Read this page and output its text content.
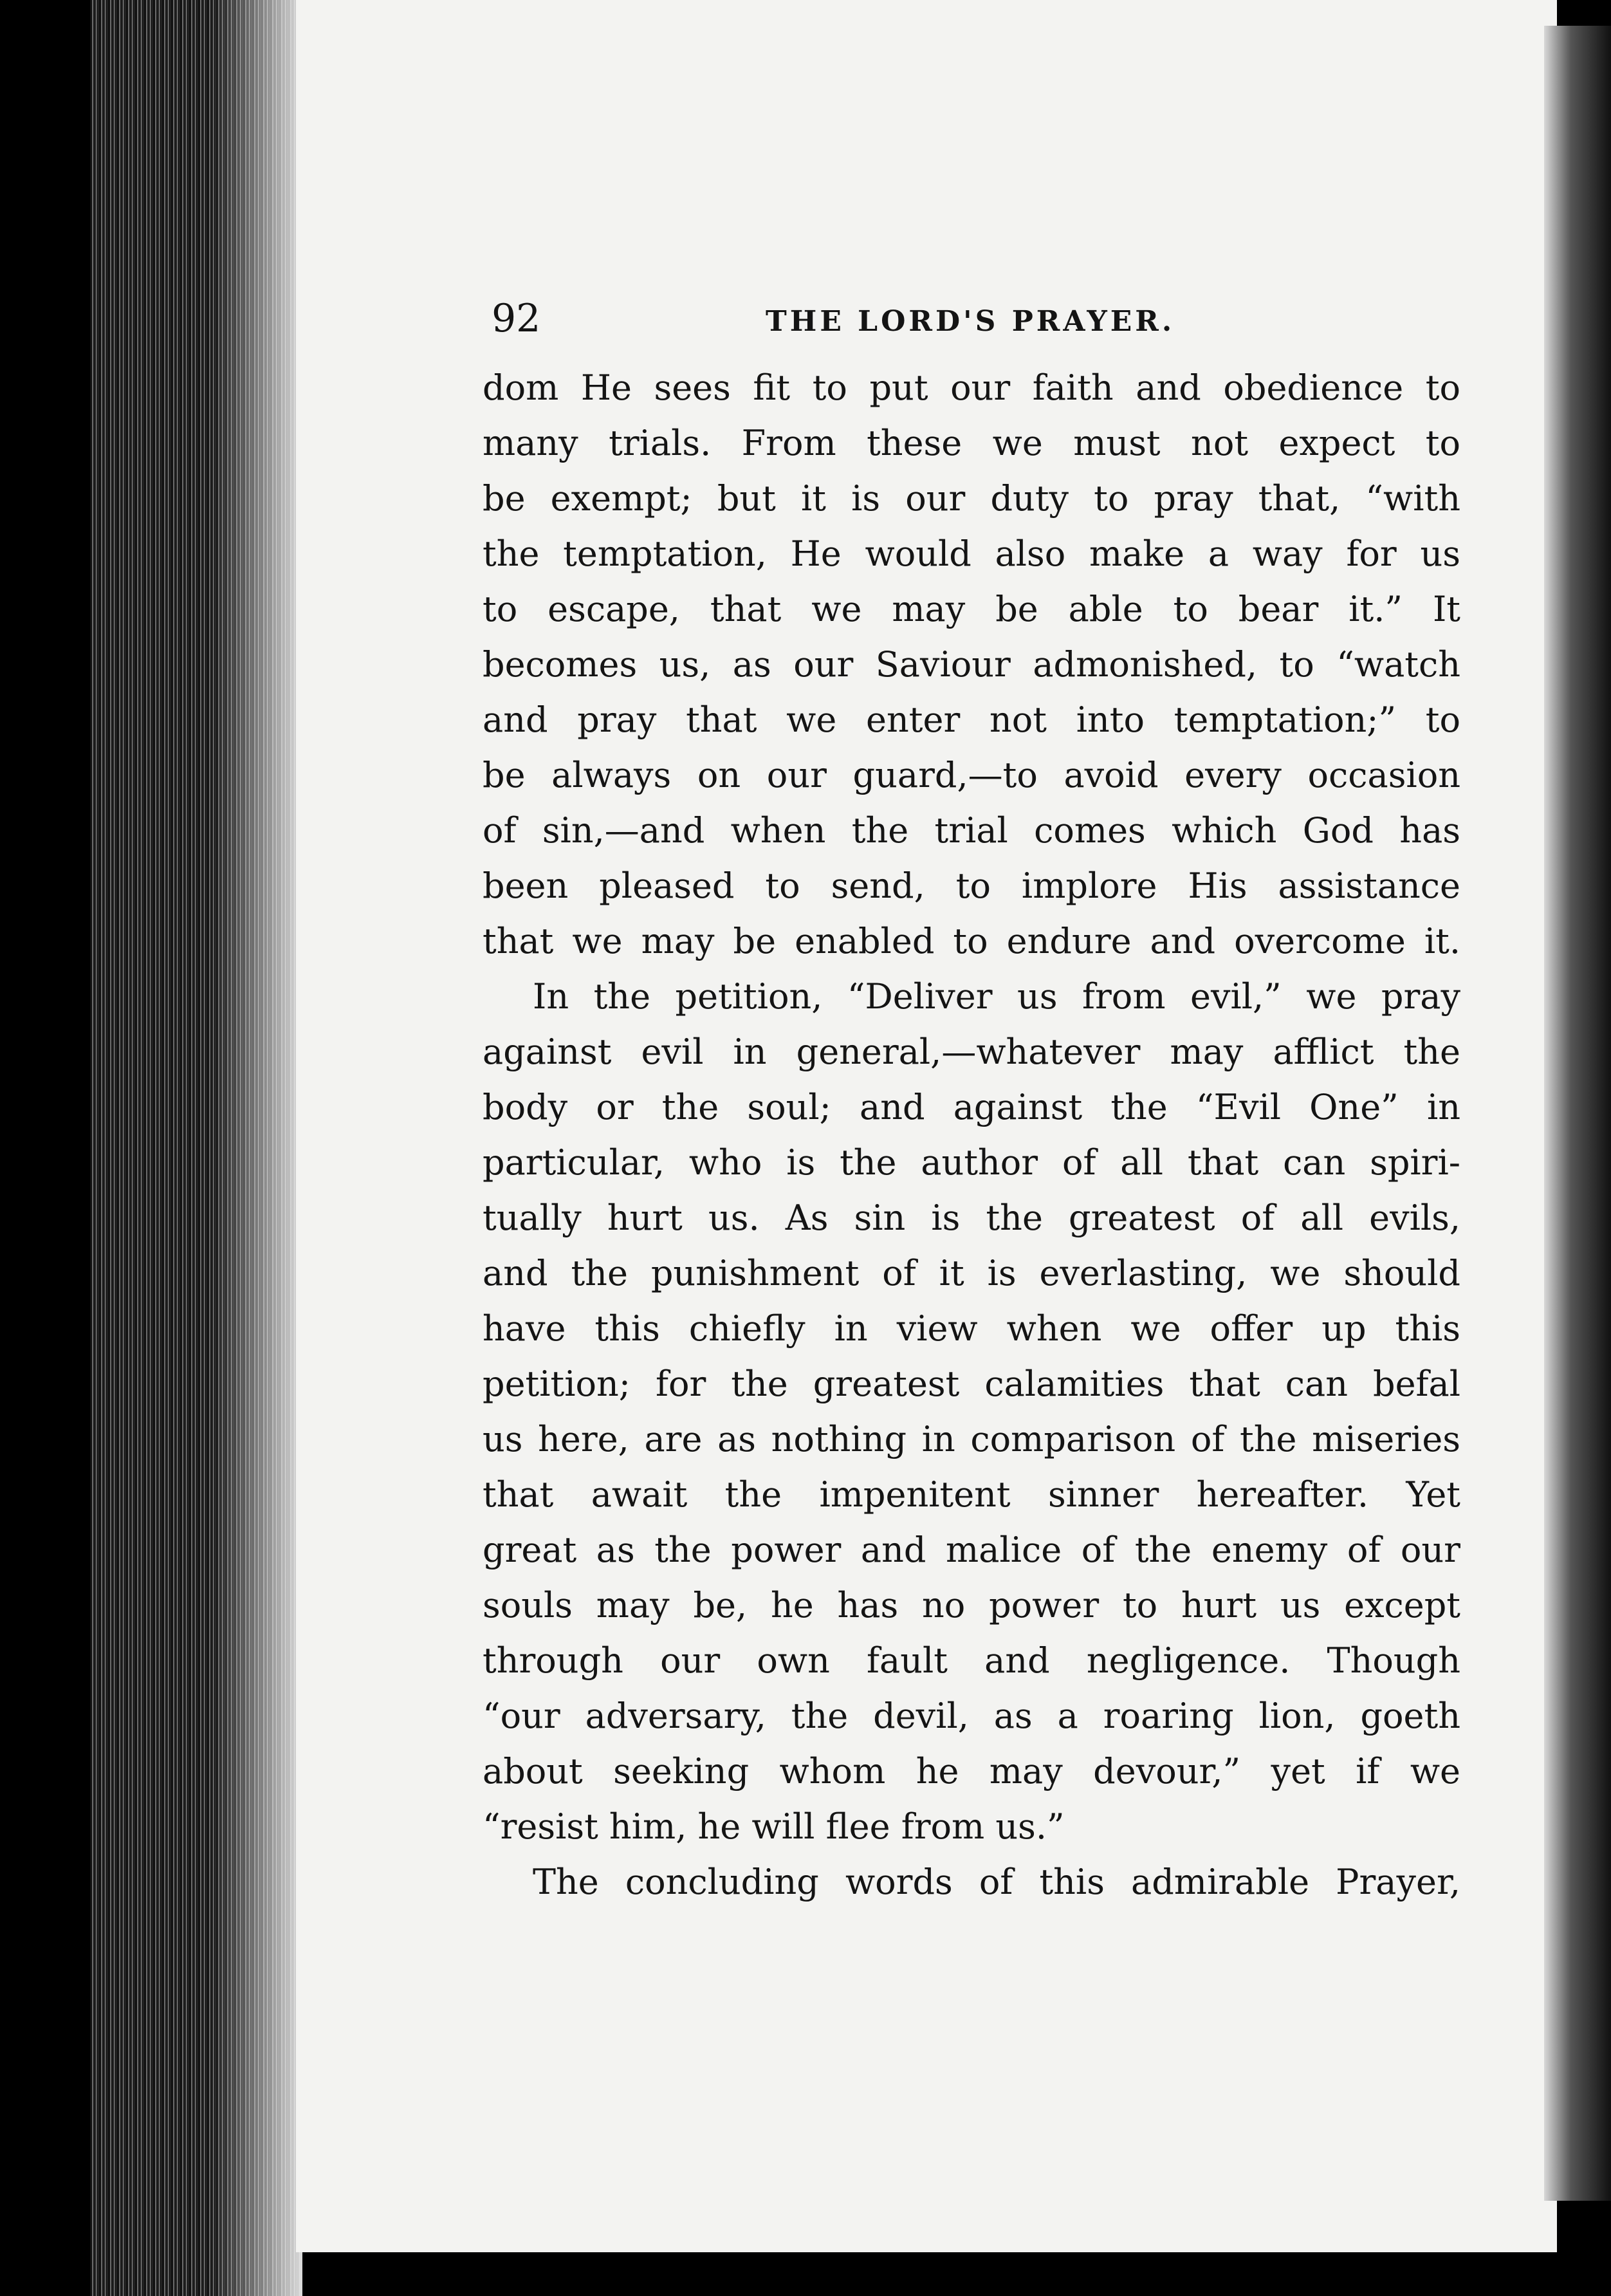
92	THE LORD'S PRAYER.
dom He sees fit to put our faith and obedience to
many trials. From these we must not expect to
be exempt; but it is our duty to pray that, “with
the temptation, He would also make a way for us
to escape, that we may be able to bear it.” It
becomes us, as our Saviour admonished, to “watch
and pray that we enter not into temptation;” to
be always on our guard,—to avoid every occasion
of sin,—and when the trial comes which God has
been pleased to send, to implore His assistance
that we may be enabled to endure and overcome it.
In the petition, “Deliver us from evil,” we pray
against evil in general,—whatever may afflict the
body or the soul; and against the “Evil One” in
particular, who is the author of all that can spiri-
tually hurt us. As sin is the greatest of all evils,
and the punishment of it is everlasting, we should
have this chiefly in view when we offer up this
petition; for the greatest calamities that can befal
us here, are as nothing in comparison of the miseries
that await the impenitent sinner hereafter. Yet
great as the power and malice of the enemy of our
souls may be, he has no power to hurt us except
through our own fault and negligence. Though
“our adversary, the devil, as a roaring lion, goeth
about seeking whom he may devour,” yet if we
“resist him, he will flee from us.”
The concluding words of this admirable Prayer,
